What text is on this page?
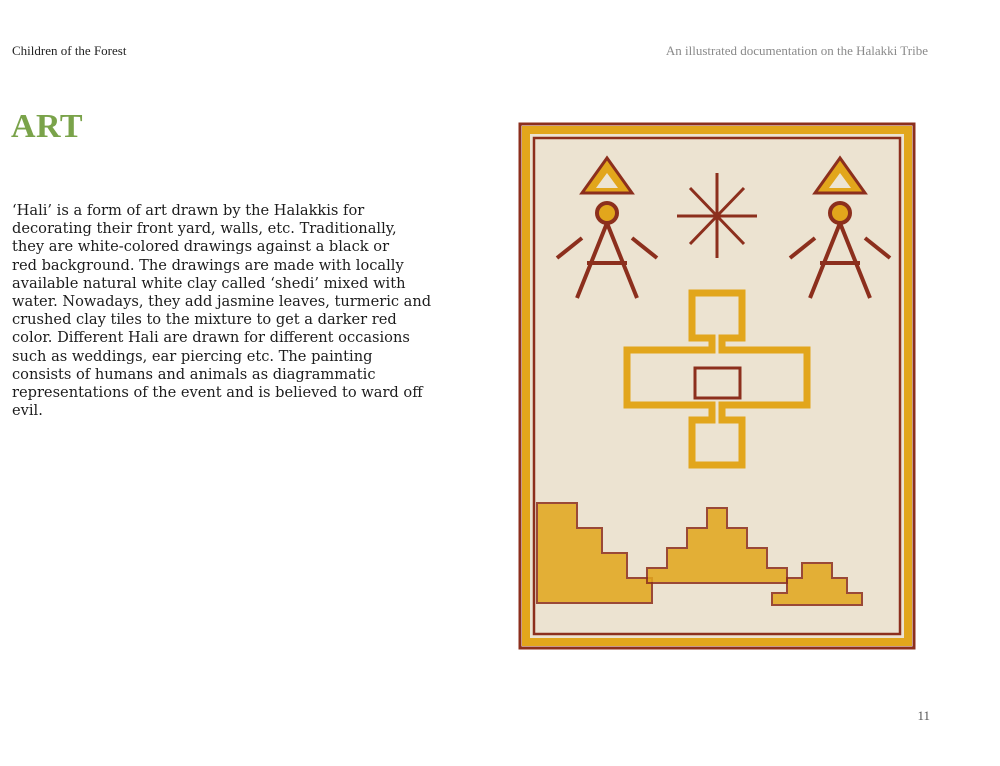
Children of the Forest	An illustrated documentation on the Halakki Tribe
ART

‘Hali’ is a form of art drawn by the Halakkis for
decorating their front yard, walls, etc. Traditionally,
they are white-colored drawings against a black or
red background. The drawings are made with locally
available natural white clay called ‘shedi’ mixed with
water. Nowadays, they add jasmine leaves, turmeric and
crushed clay tiles to the mixture to get a darker red
color. Different Hali are drawn for different occasions
such as weddings, ear piercing etc. The painting
consists of humans and animals as diagrammatic
representations of the event and is believed to ward off
evil.

11
